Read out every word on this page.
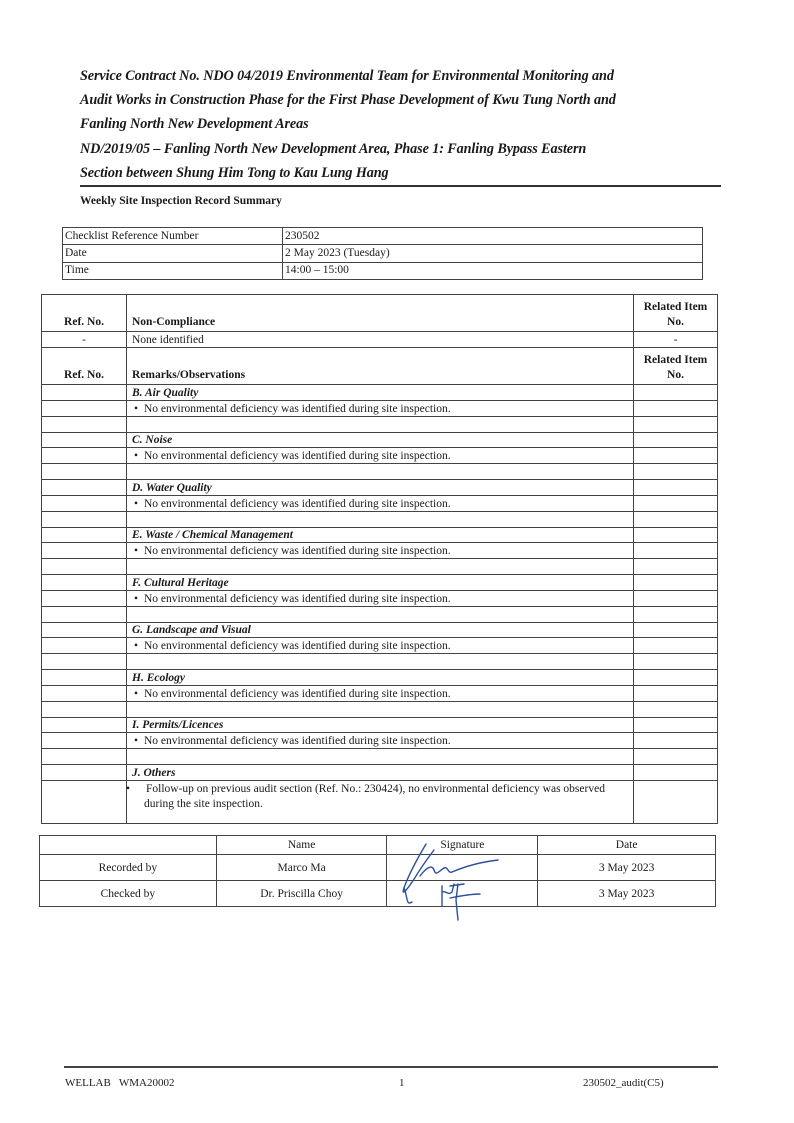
Service Contract No. NDO 04/2019 Environmental Team for Environmental Monitoring and
Audit Works in Construction Phase for the First Phase Development of Kwu Tung North and
Fanling North New Development Areas
ND/2019/05 – Fanling North New Development Area, Phase 1: Fanling Bypass Eastern
Section between Shung Him Tong to Kau Lung Hang
Weekly Site Inspection Record Summary
Checklist Reference Number	230502
Date	2 May 2023 (Tuesday)
Time	14:00 – 15:00
Ref. No.	Non-Compliance	Related Item No.
-	None identified	-
Ref. No.	Remarks/Observations	Related Item No.
	B. Air Quality	
	• No environmental deficiency was identified during site inspection.	

	C. Noise	
	• No environmental deficiency was identified during site inspection.	

	D. Water Quality	
	• No environmental deficiency was identified during site inspection.	

	E. Waste / Chemical Management	
	• No environmental deficiency was identified during site inspection.	

	F. Cultural Heritage	
	• No environmental deficiency was identified during site inspection.	

	G. Landscape and Visual	
	• No environmental deficiency was identified during site inspection.	

	H. Ecology	
	• No environmental deficiency was identified during site inspection.	

	I. Permits/Licences	
	• No environmental deficiency was identified during site inspection.	

	J. Others	

	• Follow-up on previous audit section (Ref. No.: 230424), no environmental deficiency was observed during the site inspection.	

	Name	Signature	Date
Recorded by	Marco Ma		3 May 2023
Checked by	Dr. Priscilla Choy		3 May 2023
WELLAB   WMA20002	1	230502_audit(C5)
